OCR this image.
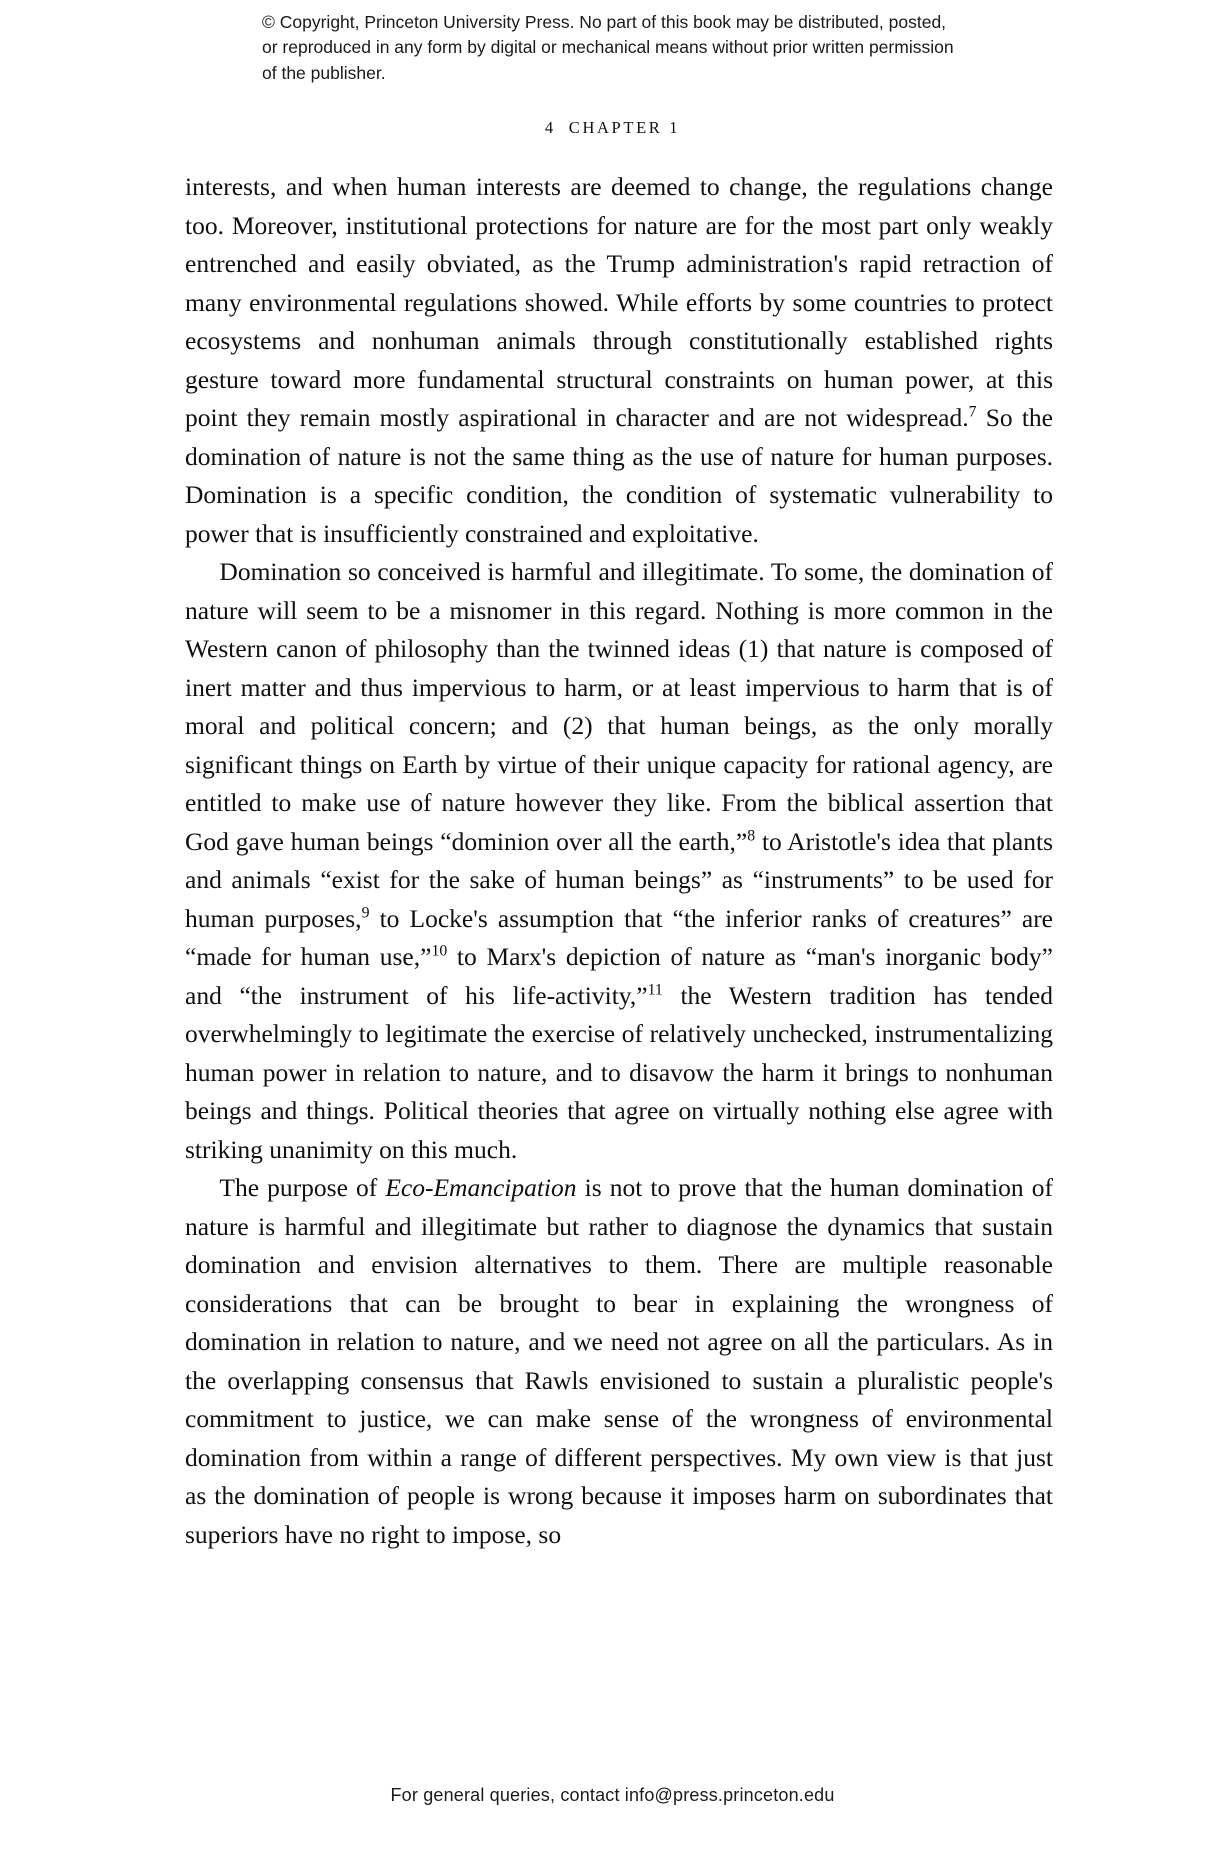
© Copyright, Princeton University Press. No part of this book may be distributed, posted, or reproduced in any form by digital or mechanical means without prior written permission of the publisher.
4 CHAPTER 1

interests, and when human interests are deemed to change, the regulations change too. Moreover, institutional protections for nature are for the most part only weakly entrenched and easily obviated, as the Trump administration's rapid retraction of many environmental regulations showed. While efforts by some countries to protect ecosystems and nonhuman animals through constitutionally established rights gesture toward more fundamental structural constraints on human power, at this point they remain mostly aspirational in character and are not widespread.$^7$ So the domination of nature is not the same thing as the use of nature for human purposes. Domination is a specific condition, the condition of systematic vulnerability to power that is insufficiently constrained and exploitative.

Domination so conceived is harmful and illegitimate. To some, the domination of nature will seem to be a misnomer in this regard. Nothing is more common in the Western canon of philosophy than the twinned ideas (1) that nature is composed of inert matter and thus impervious to harm, or at least impervious to harm that is of moral and political concern; and (2) that human beings, as the only morally significant things on Earth by virtue of their unique capacity for rational agency, are entitled to make use of nature however they like. From the biblical assertion that God gave human beings “dominion over all the earth,”$^8$ to Aristotle's idea that plants and animals “exist for the sake of human beings” as “instruments” to be used for human purposes,$^9$ to Locke's assumption that “the inferior ranks of creatures” are “made for human use,”$^{10}$ to Marx's depiction of nature as “man's inorganic body” and “the instrument of his life-activity,”$^{11}$ the Western tradition has tended overwhelmingly to legitimate the exercise of relatively unchecked, instrumentalizing human power in relation to nature, and to disavow the harm it brings to nonhuman beings and things. Political theories that agree on virtually nothing else agree with striking unanimity on this much.

The purpose of Eco-Emancipation is not to prove that the human domination of nature is harmful and illegitimate but rather to diagnose the dynamics that sustain domination and envision alternatives to them. There are multiple reasonable considerations that can be brought to bear in explaining the wrongness of domination in relation to nature, and we need not agree on all the particulars. As in the overlapping consensus that Rawls envisioned to sustain a pluralistic people's commitment to justice, we can make sense of the wrongness of environmental domination from within a range of different perspectives. My own view is that just as the domination of people is wrong because it imposes harm on subordinates that superiors have no right to impose, so

For general queries, contact info@press.princeton.edu
